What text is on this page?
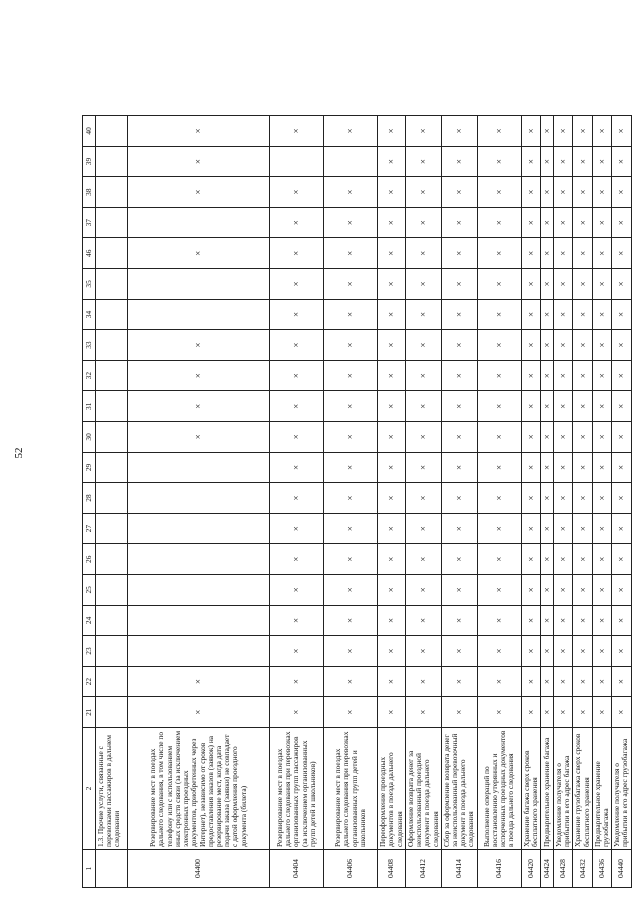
52
1	2	21	22	23	24	25	26	27	28	29	30	31	32	33	34	35	46	37	38	39	40
	1.3. Прочие услуги, связанные с перевозками пассажиров в дальнем следовании																				
04400	Резервирование мест в поездах дальнего следования, в том числе по телефону или с использованием иных средств связи (за исключением электронных проездных документов, приобретенных через Интернет), независимо от сроков предоставления заказов (заявок) на резервирование мест, когда дата подачи заказа (заявки) не совпадает с датой оформления проездного документа (билета)	×	×								×	×	×	×			×		×	×	×
04404	Резервирование мест в поездах дальнего следования при перевозках организованных групп пассажиров (за исключением организованных групп детей и школьников)	×	×	×	×	×	×	×	×	×	×	×	×	×	×	×	×	×	×		×
04406	Резервирование мест в поездах дальнего следования при перевозках организованных групп детей и школьников	×	×	×	×	×	×	×	×	×	×	×	×	×	×	×	×	×	×		×
04408	Переоформление проездных документов в поезда дальнего следования	×	×	×	×	×	×	×	×	×	×	×	×	×	×	×	×	×	×	×	×
04412	Оформление возврата денег за неиспользованный проездной документ в поезда дальнего следования	×	×	×	×	×	×	×	×	×	×	×	×	×	×	×	×	×	×	×	×
04414	Сбор за оформление возврата денег за неиспользованный перевозочный документ в поезда дальнего следования	×	×	×	×	×	×	×	×	×	×	×	×	×	×	×	×	×	×	×	×
04416	Выполнение операций по восстановлению утерянных и испорченных проездных документов в поезда дальнего следования	×	×	×	×	×	×	×	×	×	×	×	×	×	×	×	×	×	×	×	×
04420	Хранение багажа сверх сроков бесплатного хранения	×	×	×	×	×	×	×	×	×	×	×	×	×	×	×	×	×	×	×	×
04424	Предварительное хранение багажа	×	×	×	×	×	×	×	×	×	×	×	×	×	×	×	×	×	×	×	×
04428	Уведомление получателя о прибытии в его адрес багажа	×	×	×	×	×	×	×	×	×	×	×	×	×	×	×	×	×	×	×	×
04432	Хранение грузобагажа сверх сроков бесплатного хранения	×	×	×	×	×	×	×	×	×	×	×	×	×	×	×	×	×	×	×	×
04436	Предварительное хранение грузобагажа	×	×	×	×	×	×	×	×	×	×	×	×	×	×	×	×	×	×	×	×
04440	Уведомление получателя о прибытии в его адрес грузобагажа	×	×	×	×	×	×	×	×	×	×	×	×	×	×	×	×	×	×	×	×
